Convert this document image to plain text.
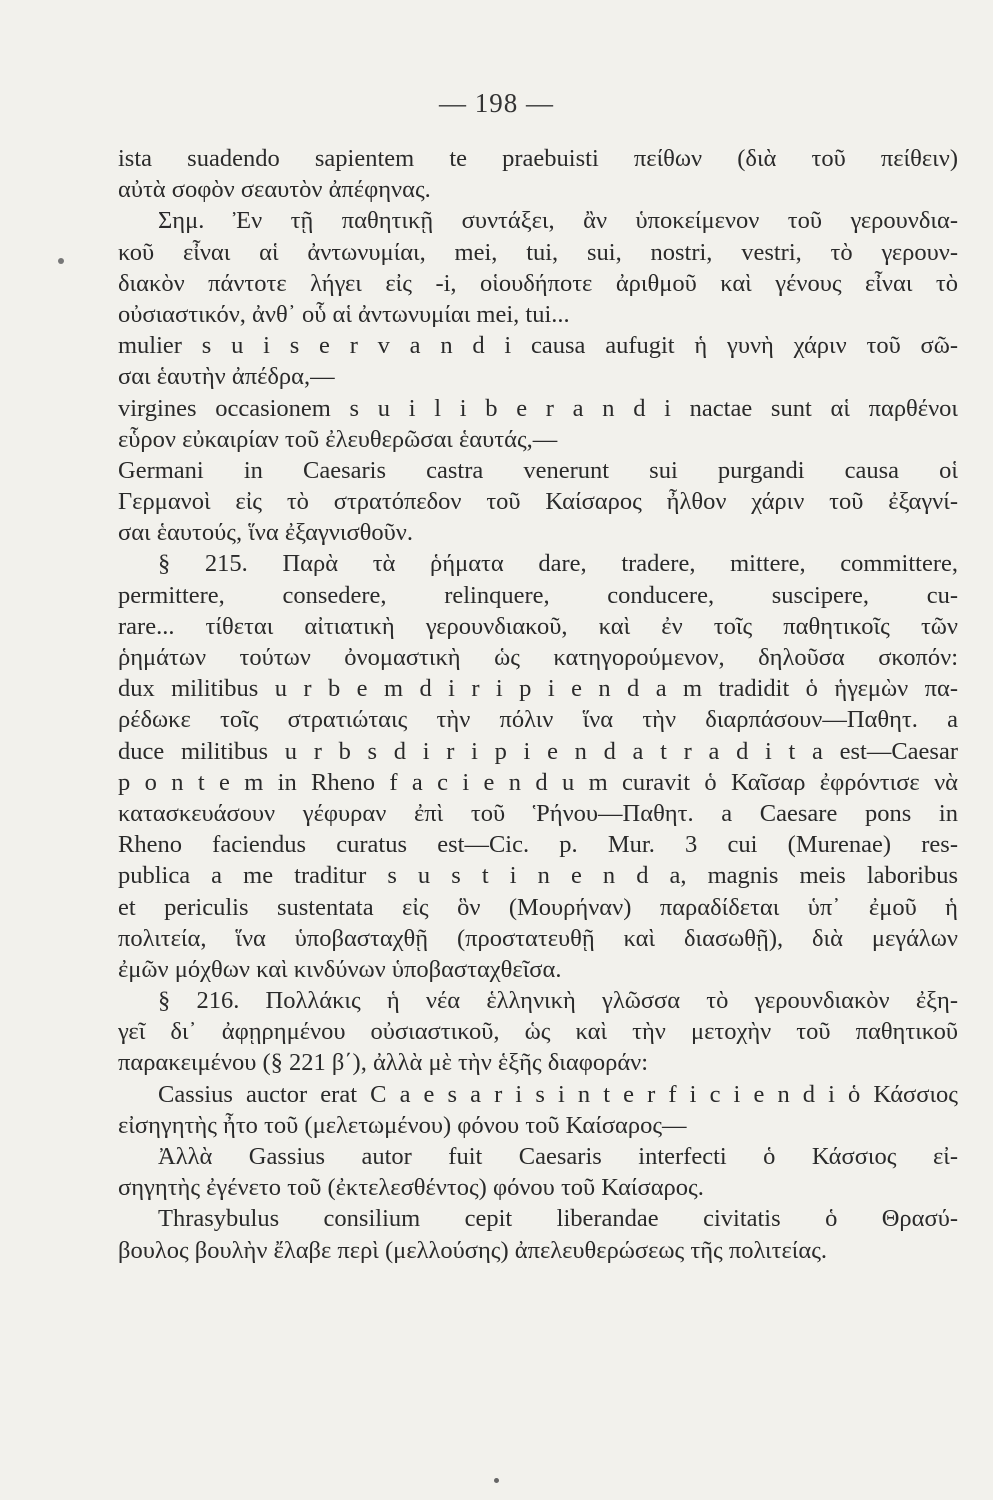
— 198 —
ista suadendo sapientem te praebuisti πείθων (διὰ τοῦ πείθειν)
αὐτὰ σοφὸν σεαυτὸν ἀπέφηνας.
Σημ. Ἐν τῇ παθητικῇ συντάξει, ἂν ὑποκείμενον τοῦ γερουνδια-
κοῦ εἶναι αἱ ἀντωνυμίαι, mei, tui, sui, nostri, vestri, τὸ γερουν-
διακὸν πάντοτε λήγει εἰς -i, οἱουδήποτε ἀριθμοῦ καὶ γένους εἶναι τὸ
οὐσιαστικόν, ἀνθ᾽ οὗ αἱ ἀντωνυμίαι mei, tui...
mulier s u i s e r v a n d i causa aufugit ἡ γυνὴ χάριν τοῦ σῶ-
σαι ἑαυτὴν ἀπέδρα,—
virgines occasionem s u i l i b e r a n d i nactae sunt αἱ παρθένοι
εὗρον εὐκαιρίαν τοῦ ἐλευθερῶσαι ἑαυτάς,—
Germani in Caesaris castra venerunt sui purgandi causa οἱ
Γερμανοὶ εἰς τὸ στρατόπεδον τοῦ Καίσαρος ἦλθον χάριν τοῦ ἐξαγνί-
σαι ἑαυτούς, ἵνα ἐξαγνισθοῦν.
§ 215. Παρὰ τὰ ῥήματα dare, tradere, mittere, committere,
permittere, consedere, relinquere, conducere, suscipere, cu-
rare... τίθεται αἰτιατικὴ γερουνδιακοῦ, καὶ ἐν τοῖς παθητικοῖς τῶν
ῥημάτων τούτων ὀνομαστικὴ ὡς κατηγορούμενον, δηλοῦσα σκοπόν:
dux militibus u r b e m d i r i p i e n d a m tradidit ὁ ἡγεμὼν πα-
ρέδωκε τοῖς στρατιώταις τὴν πόλιν ἵνα τὴν διαρπάσουν—Παθητ. a
duce militibus u r b s d i r i p i e n d a t r a d i t a est—Caesar
p o n t e m in Rheno f a c i e n d u m curavit ὁ Καῖσαρ ἐφρόντισε νὰ
κατασκευάσουν γέφυραν ἐπὶ τοῦ Ῥήνου—Παθητ. a Caesare pons in
Rheno faciendus curatus est—Cic. p. Mur. 3 cui (Murenae) res-
publica a me traditur s u s t i n e n d a, magnis meis laboribus
et periculis sustentata εἰς ὃν (Μουρήναν) παραδίδεται ὑπ᾽ ἐμοῦ ἡ
πολιτεία, ἵνα ὑποβασταχθῇ (προστατευθῇ καὶ διασωθῇ), διὰ μεγάλων
ἐμῶν μόχθων καὶ κινδύνων ὑποβασταχθεῖσα.
§ 216. Πολλάκις ἡ νέα ἑλληνικὴ γλῶσσα τὸ γερουνδιακὸν ἐξη-
γεῖ δι᾽ ἀφῃρημένου οὐσιαστικοῦ, ὡς καὶ τὴν μετοχὴν τοῦ παθητικοῦ
παρακειμένου (§ 221 β΄), ἀλλὰ μὲ τὴν ἑξῆς διαφοράν:
Cassius auctor erat C a e s a r i s i n t e r f i c i e n d i ὁ Κάσσιος
εἰσηγητὴς ἦτο τοῦ (μελετωμένου) φόνου τοῦ Καίσαρος—
Ἀλλὰ Gassius autor fuit Caesaris interfecti ὁ Κάσσιος εἰ-
σηγητὴς ἐγένετο τοῦ (ἐκτελεσθέντος) φόνου τοῦ Καίσαρος.
Thrasybulus consilium cepit liberandae civitatis ὁ Θρασύ-
βουλος βουλὴν ἔλαβε περὶ (μελλούσης) ἀπελευθερώσεως τῆς πολιτείας.
